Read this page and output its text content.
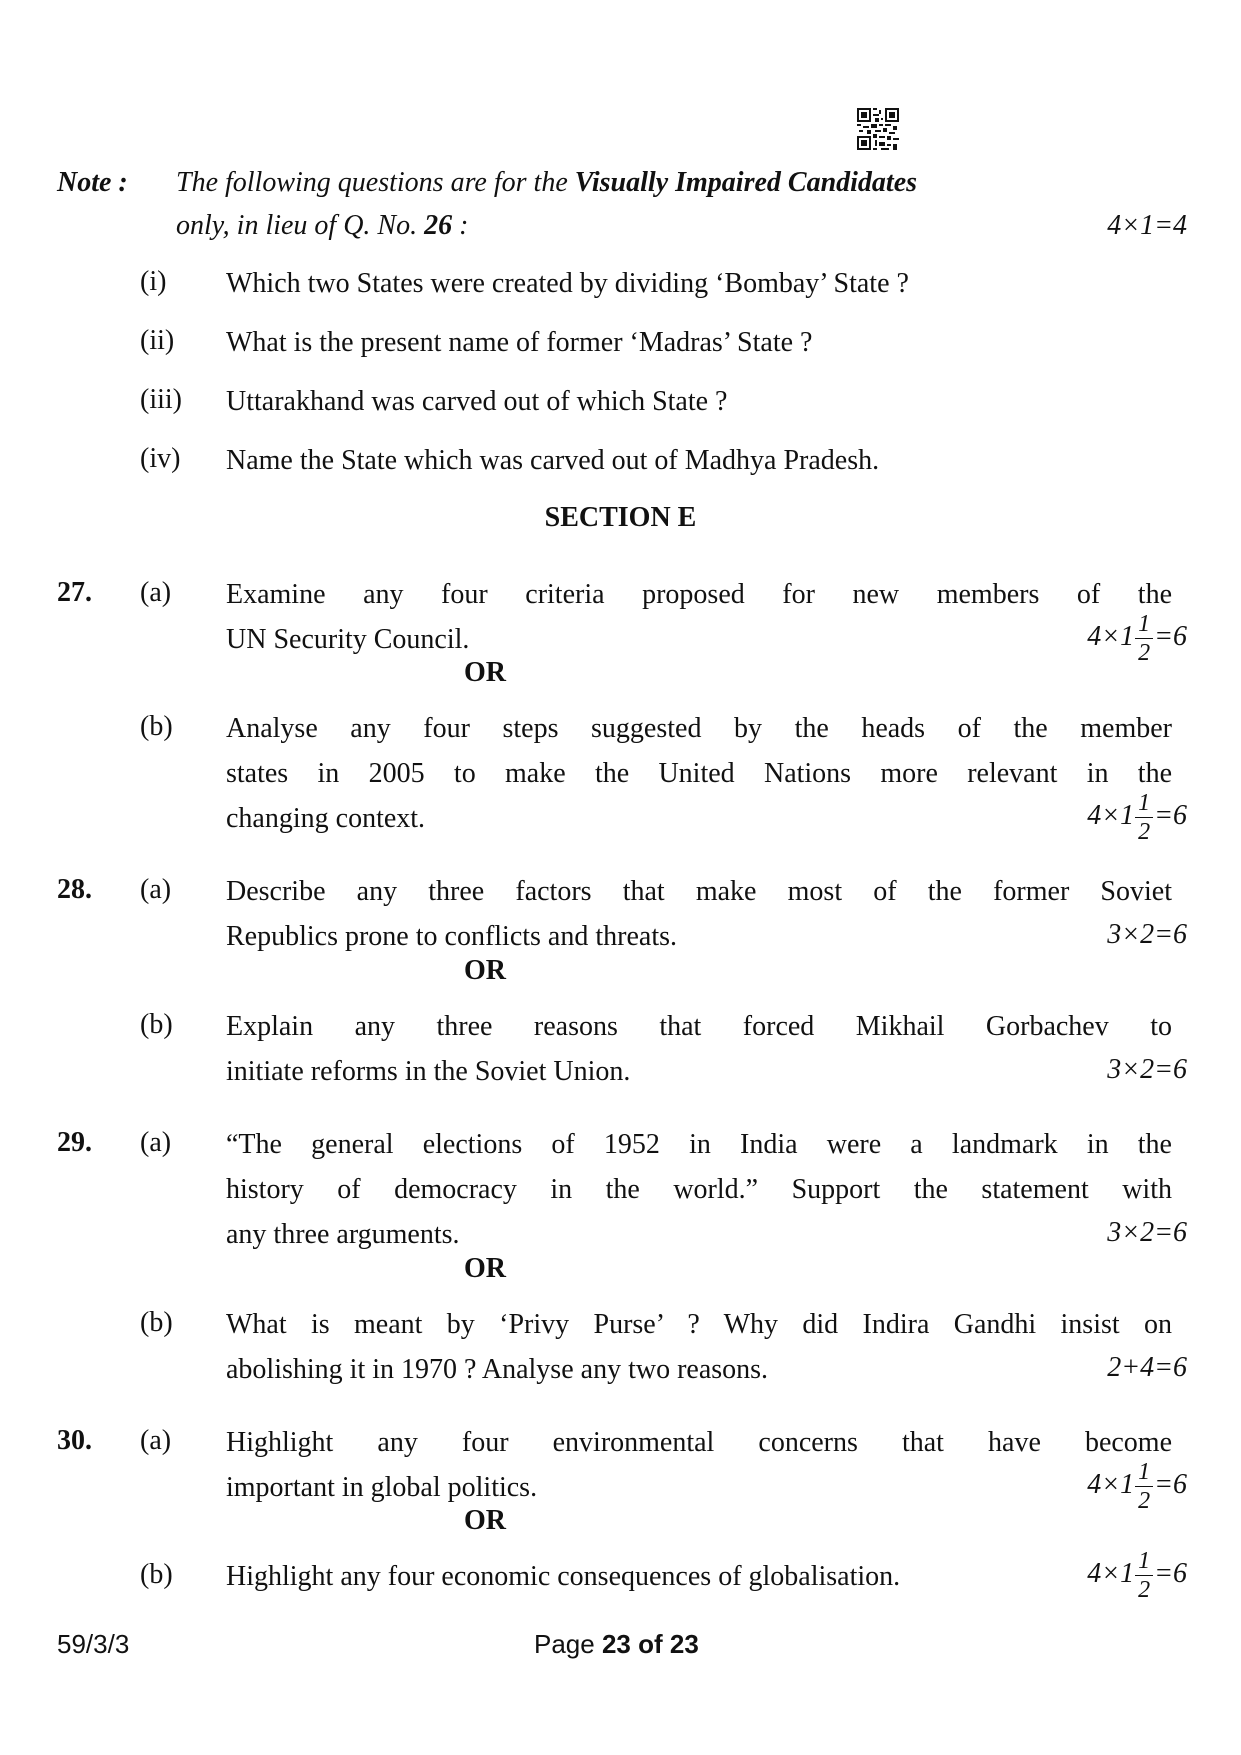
Note : The following questions are for the Visually Impaired Candidates
only, in lieu of Q. No. 26 :	4×1=4
(i) Which two States were created by dividing ‘Bombay’ State ?
(ii) What is the present name of former ‘Madras’ State ?
(iii) Uttarakhand was carved out of which State ?
(iv) Name the State which was carved out of Madhya Pradesh.
SECTION E
27. (a) Examine any four criteria proposed for new members of the
UN Security Council.	$4\times 1 \frac{1}{2} =6$
OR
(b) Analyse any four steps suggested by the heads of the member
states in 2005 to make the United Nations more relevant in the
changing context.	$4\times 1 \frac{1}{2} =6$
28. (a) Describe any three factors that make most of the former Soviet
Republics prone to conflicts and threats.	3×2=6
OR
(b) Explain any three reasons that forced Mikhail Gorbachev to
initiate reforms in the Soviet Union.	3×2=6
29. (a) “The general elections of 1952 in India were a landmark in the
history of democracy in the world.” Support the statement with
any three arguments.	3×2=6
OR
(b) What is meant by ‘Privy Purse’ ? Why did Indira Gandhi insist on
abolishing it in 1970 ? Analyse any two reasons.	2+4=6
30. (a) Highlight any four environmental concerns that have become
important in global politics.	$4\times 1 \frac{1}{2} =6$
OR
(b) Highlight any four economic consequences of globalisation.	$4\times 1 \frac{1}{2} =6$
59/3/3	Page 23 of 23
